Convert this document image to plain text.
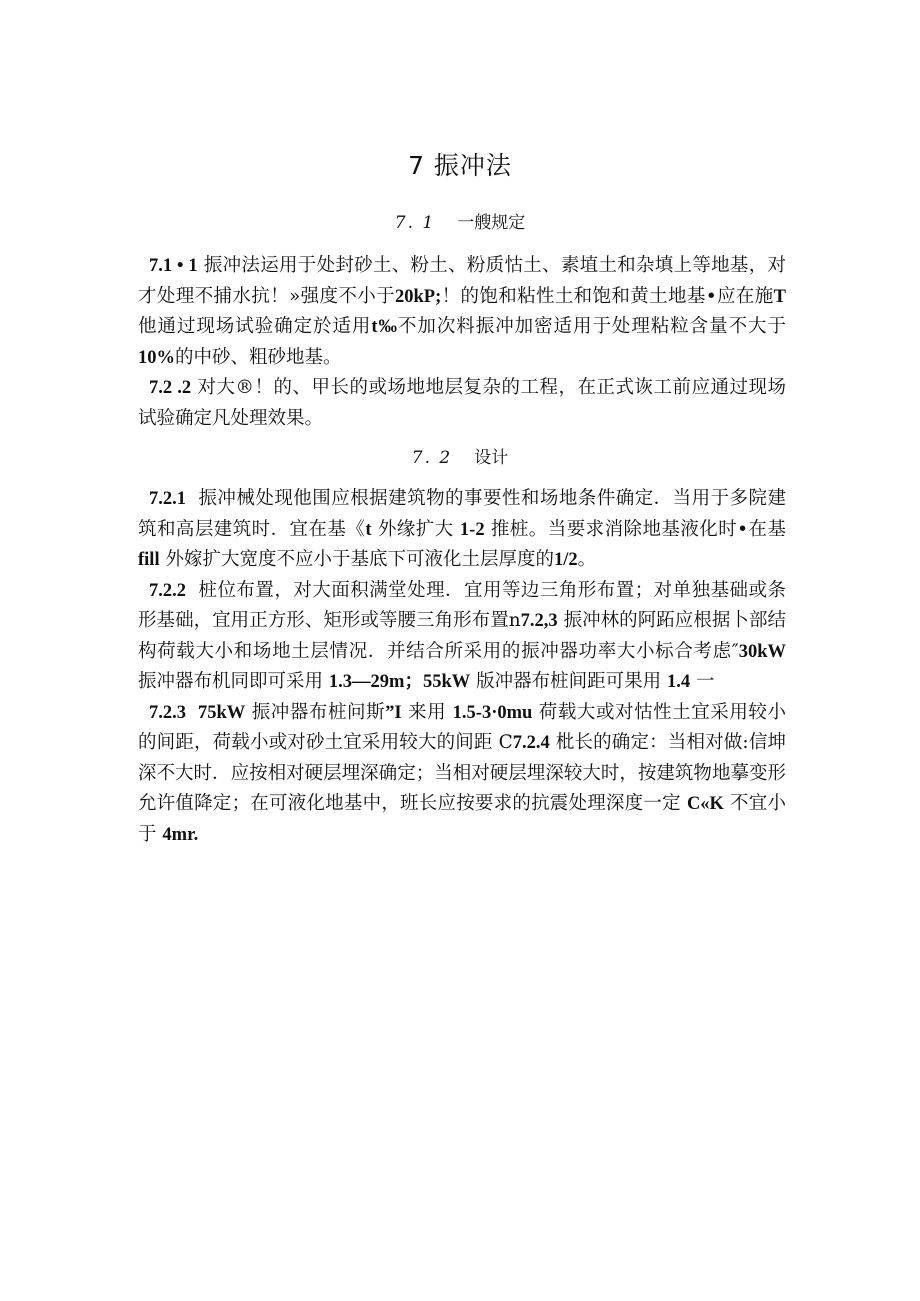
7 振冲法
7. 1 一艘规定

7.1 • 1 振冲法运用于处封砂土、粉土、粉质怙土、素埴土和杂填上等地基，对才处理不捕水抗！»强度不小于20kP;！的饱和粘性土和饱和黄土地基•应在施T 他通过现场试验确定於适用t‰不加次料振冲加密适用于处理粘粒含量不大于10%的中砂、粗砂地基。

7.2 .2 对大®！的、甲长的或场地地层复杂的工程，在正式诙工前应通过现场试验确定凡处理效果。

7. 2 设计

7.2.1 振冲械处现他围应根据建筑物的事要性和场地条件确定．当用于多院建筑和高层建筑时．宜在基《t 外缘扩大 1-2 推桩。当要求消除地基液化时•在基 fill 外嫁扩大宽度不应小于基底下可液化土层厚度的1/2。

7.2.2 桩位布置，对大面积满堂处理．宜用等边三角形布置；对单独基础或条形基础，宜用正方形、矩形或等腰三角形布置n7.2,3 振冲林的阿跖应根据卜部结构荷载大小和场地土层情况．并结合所采用的振冲器功率大小标合考虑″30kW 振冲器布机同即可采用 1.3—29m；55kW 版冲器布桩间距可果用 1.4 一

7.2.3 75kW 振冲器布桩问斯”I 来用 1.5-3·0mu 荷载大或对怙性土宜采用较小的间距，荷载小或对砂土宜采用较大的间距 C7.2.4 枇长的确定：当相对做:信坤深不大时．应按相对硬层埋深确定；当相对硬层埋深较大时，按建筑物地摹变形允许值降定；在可液化地基中，班长应按要求的抗震处理深度一定 C«K 不宜小于 4mr.
